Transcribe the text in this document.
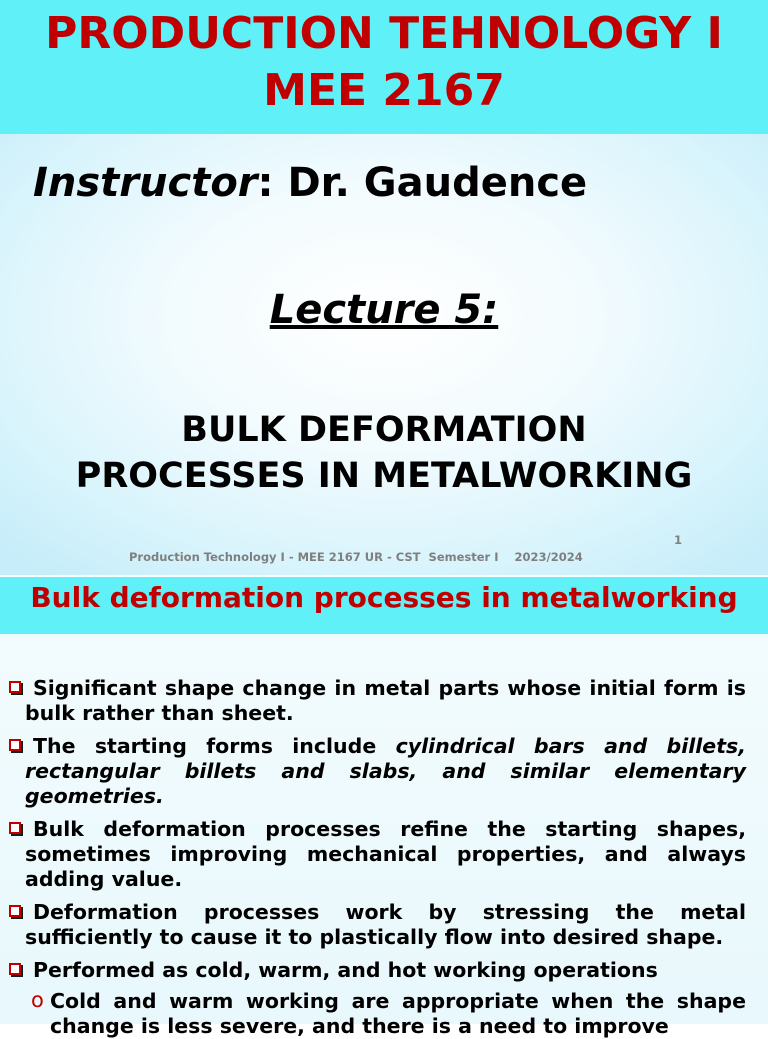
PRODUCTION TEHNOLOGY I
MEE 2167
Instructor: Dr. Gaudence
Lecture 5:
BULK DEFORMATION
PROCESSES IN METALWORKING
1
Production Technology I - MEE 2167 UR - CST  Semester I    2023/2024
Bulk deformation processes in metalworking
Significant shape change in metal parts whose initial form is bulk rather than sheet.
The starting forms include cylindrical bars and billets, rectangular billets and slabs, and similar elementary geometries.
Bulk deformation processes refine the starting shapes, sometimes improving mechanical properties, and always adding value.
Deformation processes work by stressing the metal sufficiently to cause it to plastically flow into desired shape.
Performed as cold, warm, and hot working operations
o Cold and warm working are appropriate when the shape change is less severe, and there is a need to improve
